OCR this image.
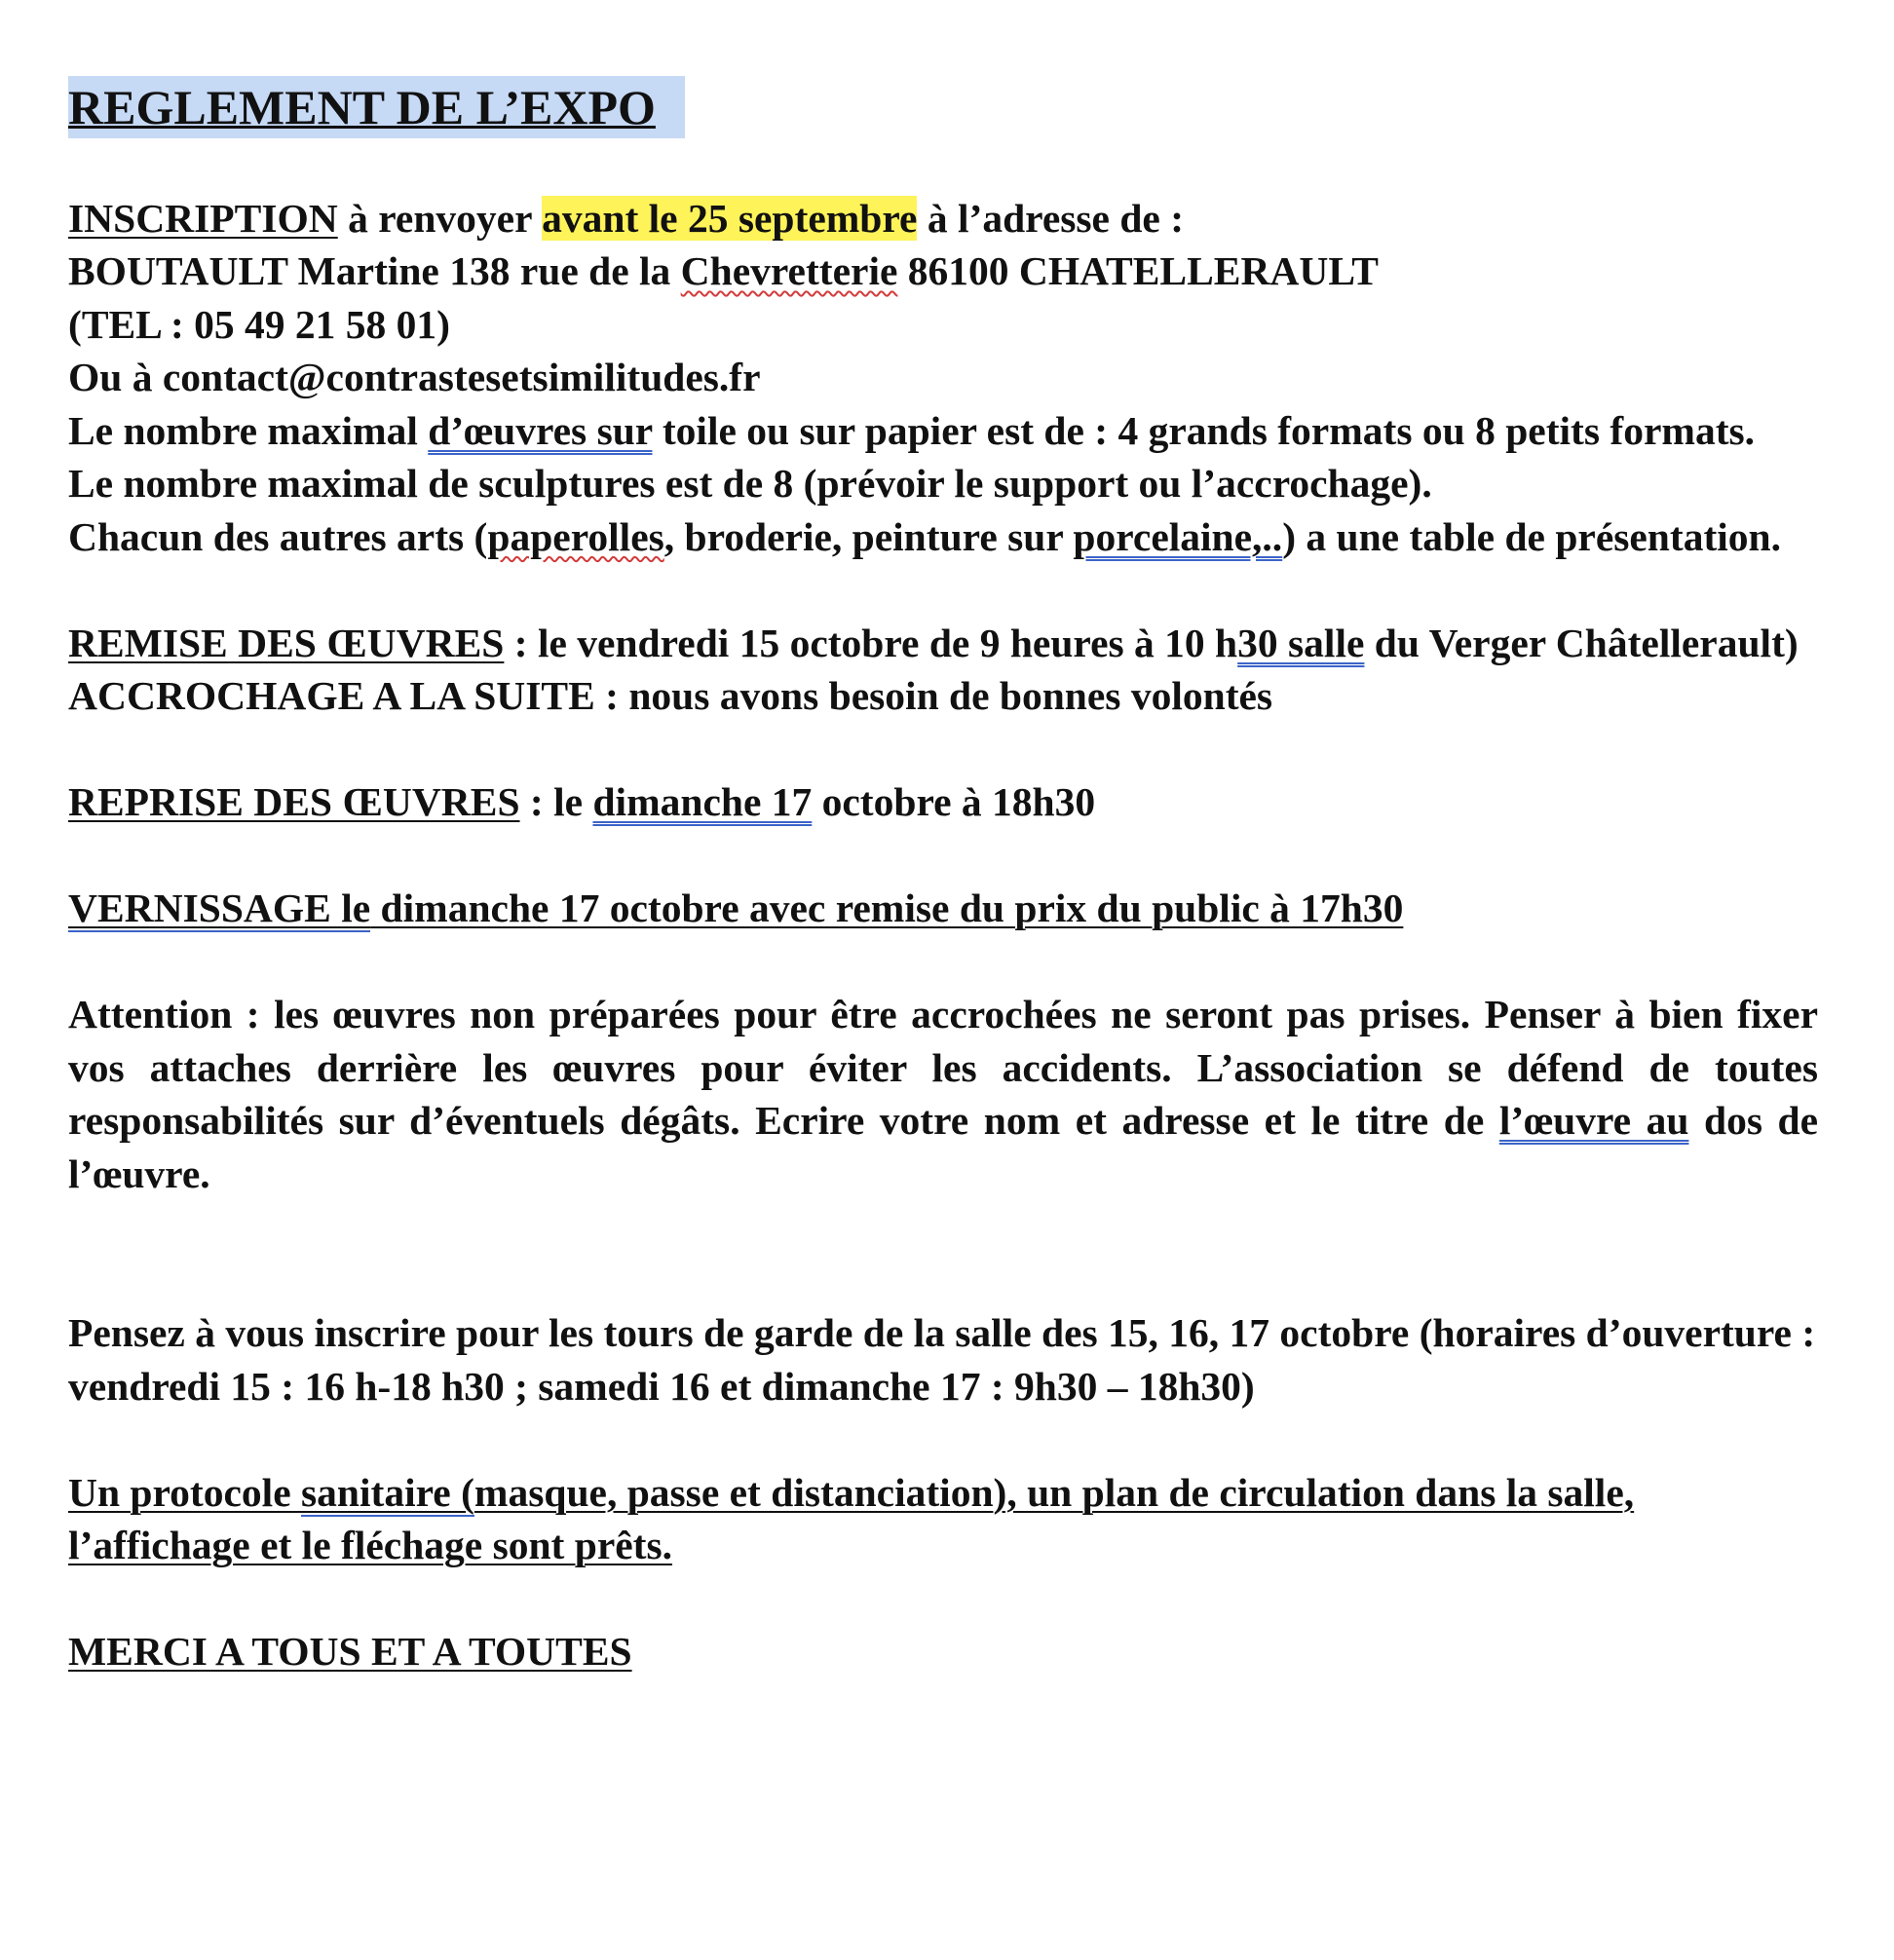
REGLEMENT DE L’EXPO

INSCRIPTION à renvoyer avant le 25 septembre à l’adresse de :

BOUTAULT Martine 138 rue de la Chevretterie 86100 CHATELLERAULT

(TEL : 05 49 21 58 01)

Ou à contact@contrastesetsimilitudes.fr

Le nombre maximal d’œuvres sur toile ou sur papier est de : 4 grands formats ou 8 petits formats.

Le nombre maximal de sculptures est de 8 (prévoir le support ou l’accrochage).

Chacun des autres arts (paperolles, broderie, peinture sur porcelaine,..) a une table de présentation.

REMISE DES ŒUVRES : le vendredi 15 octobre de 9 heures à 10 h30 salle du Verger Châtellerault)

ACCROCHAGE A LA SUITE : nous avons besoin de bonnes volontés

REPRISE DES ŒUVRES : le dimanche 17 octobre à 18h30

VERNISSAGE le dimanche 17 octobre avec remise du prix du public à 17h30

Attention : les œuvres non préparées pour être accrochées ne seront pas prises. Penser à bien fixer vos attaches derrière les œuvres pour éviter les accidents. L’association se défend de toutes responsabilités sur d’éventuels dégâts. Ecrire votre nom et adresse et le titre de l’œuvre au dos de l’œuvre.

Pensez à vous inscrire pour les tours de garde de la salle des 15, 16, 17 octobre (horaires d’ouverture : vendredi 15 : 16 h-18 h30 ; samedi 16 et dimanche 17 : 9h30 – 18h30)

Un protocole sanitaire (masque, passe et distanciation), un plan de circulation dans la salle, l’affichage et le fléchage sont prêts.

MERCI A TOUS ET A TOUTES
